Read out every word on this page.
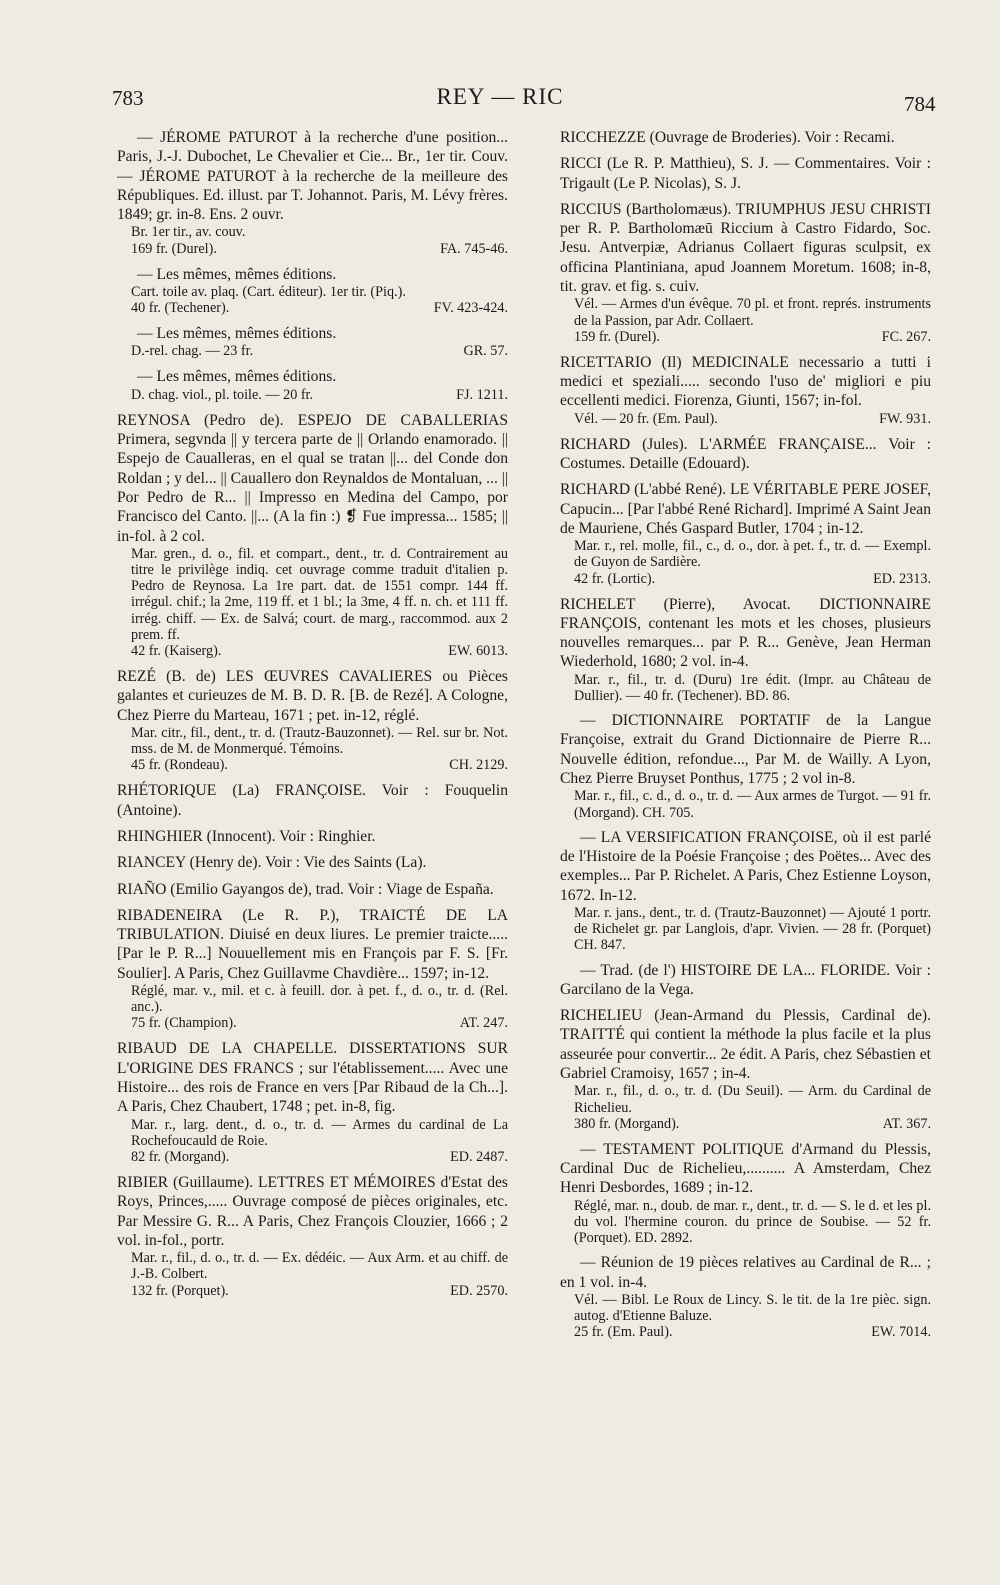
783	REY — RIC	784
— JÉROME PATUROT à la recherche d'une position... Paris, J.-J. Dubochet, Le Chevalier et Cie... Br., 1er tir. Couv. — JÉROME PATUROT à la recherche de la meilleure des Républiques. Ed. illust. par T. Johannot. Paris, M. Lévy frères. 1849; gr. in-8. Ens. 2 ouvr.
Br. 1er tir., av. couv.
169 fr. (Durel).	FA. 745-46.
— Les mêmes, mêmes éditions.
Cart. toile av. plaq. (Cart. éditeur). 1er tir. (Piq.).
40 fr. (Techener).	FV. 423-424.
— Les mêmes, mêmes éditions.
D.-rel. chag. — 23 fr.	GR. 57.
— Les mêmes, mêmes éditions.
D. chag. viol., pl. toile. — 20 fr.	FJ. 1211.
REYNOSA (Pedro de). ESPEJO DE CABALLERIAS Primera, segvnda || y tercera parte de || Orlando enamorado. || Espejo de Caualleras, en el qual se tratan ||... del Conde don Roldan ; y del... || Cauallero don Reynaldos de Montaluan, ... || Por Pedro de R... || Impresso en Medina del Campo, por Francisco del Canto. ||... (A la fin :) ❡ Fue impressa... 1585; || in-fol. à 2 col.
Mar. gren., d. o., fil. et compart., dent., tr. d. Contrairement au titre le privilège indiq. cet ouvrage comme traduit d'italien p. Pedro de Reynosa. La 1re part. dat. de 1551 compr. 144 ff. irrégul. chif.; la 2me, 119 ff. et 1 bl.; la 3me, 4 ff. n. ch. et 111 ff. irrég. chiff. — Ex. de Salvá; court. de marg., raccommod. aux 2 prem. ff.
42 fr. (Kaiserg).	EW. 6013.
REZÉ (B. de) LES ŒUVRES CAVALIERES ou Pièces galantes et curieuzes de M. B. D. R. [B. de Rezé]. A Cologne, Chez Pierre du Marteau, 1671 ; pet. in-12, réglé.
Mar. citr., fil., dent., tr. d. (Trautz-Bauzonnet). — Rel. sur br. Not. mss. de M. de Monmerqué. Témoins.
45 fr. (Rondeau).	CH. 2129.
RHÉTORIQUE (La) FRANÇOISE. Voir : Fouquelin (Antoine).
RHINGHIER (Innocent). Voir : Ringhier.
RIANCEY (Henry de). Voir : Vie des Saints (La).
RIAÑO (Emilio Gayangos de), trad. Voir : Viage de España.
RIBADENEIRA (Le R. P.), TRAICTÉ DE LA TRIBULATION. Diuisé en deux liures. Le premier traicte..... [Par le P. R...] Nouuellement mis en François par F. S. [Fr. Soulier]. A Paris, Chez Guillavme Chavdière... 1597; in-12.
Réglé, mar. v., mil. et c. à feuill. dor. à pet. f., d. o., tr. d. (Rel. anc.).
75 fr. (Champion).	AT. 247.
RIBAUD DE LA CHAPELLE. DISSERTATIONS SUR L'ORIGINE DES FRANCS ; sur l'établissement..... Avec une Histoire... des rois de France en vers [Par Ribaud de la Ch...]. A Paris, Chez Chaubert, 1748 ; pet. in-8, fig.
Mar. r., larg. dent., d. o., tr. d. — Armes du cardinal de La Rochefoucauld de Roie.
82 fr. (Morgand).	ED. 2487.
RIBIER (Guillaume). LETTRES ET MÉMOIRES d'Estat des Roys, Princes,..... Ouvrage composé de pièces originales, etc. Par Messire G. R... A Paris, Chez François Clouzier, 1666 ; 2 vol. in-fol., portr.
Mar. r., fil., d. o., tr. d. — Ex. dédéic. — Aux Arm. et au chiff. de J.-B. Colbert.
132 fr. (Porquet).	ED. 2570.
RICCHEZZE (Ouvrage de Broderies). Voir : Recami.
RICCI (Le R. P. Matthieu), S. J. — Commentaires. Voir : Trigault (Le P. Nicolas), S. J.
RICCIUS (Bartholomæus). TRIUMPHUS JESU CHRISTI per R. P. Bartholomæū Riccium à Castro Fidardo, Soc. Jesu. Antverpiæ, Adrianus Collaert figuras sculpsit, ex officina Plantiniana, apud Joannem Moretum. 1608; in-8, tit. grav. et fig. s. cuiv.
Vél. — Armes d'un évêque. 70 pl. et front. représ. instruments de la Passion, par Adr. Collaert.
159 fr. (Durel).	FC. 267.
RICETTARIO (Il) MEDICINALE necessario a tutti i medici et speziali..... secondo l'uso de' migliori e piu eccellenti medici. Fiorenza, Giunti, 1567; in-fol.
Vél. — 20 fr. (Em. Paul).	FW. 931.
RICHARD (Jules). L'ARMÉE FRANÇAISE... Voir : Costumes. Detaille (Edouard).
RICHARD (L'abbé René). LE VÉRITABLE PERE JOSEF, Capucin... [Par l'abbé René Richard]. Imprimé A Saint Jean de Mauriene, Chés Gaspard Butler, 1704 ; in-12.
Mar. r., rel. molle, fil., c., d. o., dor. à pet. f., tr. d. — Exempl. de Guyon de Sardière.
42 fr. (Lortic).	ED. 2313.
RICHELET (Pierre), Avocat. DICTIONNAIRE FRANÇOIS, contenant les mots et les choses, plusieurs nouvelles remarques... par P. R... Genève, Jean Herman Wiederhold, 1680; 2 vol. in-4.
Mar. r., fil., tr. d. (Duru) 1re édit. (Impr. au Château de Dullier). — 40 fr. (Techener). BD. 86.
— DICTIONNAIRE PORTATIF de la Langue Françoise, extrait du Grand Dictionnaire de Pierre R... Nouvelle édition, refondue..., Par M. de Wailly. A Lyon, Chez Pierre Bruyset Ponthus, 1775 ; 2 vol in-8.
Mar. r., fil., c. d., d. o., tr. d. — Aux armes de Turgot. — 91 fr. (Morgand). CH. 705.
— LA VERSIFICATION FRANÇOISE, où il est parlé de l'Histoire de la Poésie Françoise ; des Poëtes... Avec des exemples... Par P. Richelet. A Paris, Chez Estienne Loyson, 1672. In-12.
Mar. r. jans., dent., tr. d. (Trautz-Bauzonnet) — Ajouté 1 portr. de Richelet gr. par Langlois, d'apr. Vivien. — 28 fr. (Porquet) CH. 847.
— Trad. (de l') HISTOIRE DE LA... FLORIDE. Voir : Garcilano de la Vega.
RICHELIEU (Jean-Armand du Plessis, Cardinal de). TRAITTÉ qui contient la méthode la plus facile et la plus asseurée pour convertir... 2e édit. A Paris, chez Sébastien et Gabriel Cramoisy, 1657 ; in-4.
Mar. r., fil., d. o., tr. d. (Du Seuil). — Arm. du Cardinal de Richelieu.
380 fr. (Morgand).	AT. 367.
— TESTAMENT POLITIQUE d'Armand du Plessis, Cardinal Duc de Richelieu,.......... A Amsterdam, Chez Henri Desbordes, 1689 ; in-12.
Réglé, mar. n., doub. de mar. r., dent., tr. d. — S. le d. et les pl. du vol. l'hermine couron. du prince de Soubise. — 52 fr. (Porquet). ED. 2892.
— Réunion de 19 pièces relatives au Cardinal de R... ; en 1 vol. in-4.
Vél. — Bibl. Le Roux de Lincy. S. le tit. de la 1re pièc. sign. autog. d'Etienne Baluze.
25 fr. (Em. Paul).	EW. 7014.
